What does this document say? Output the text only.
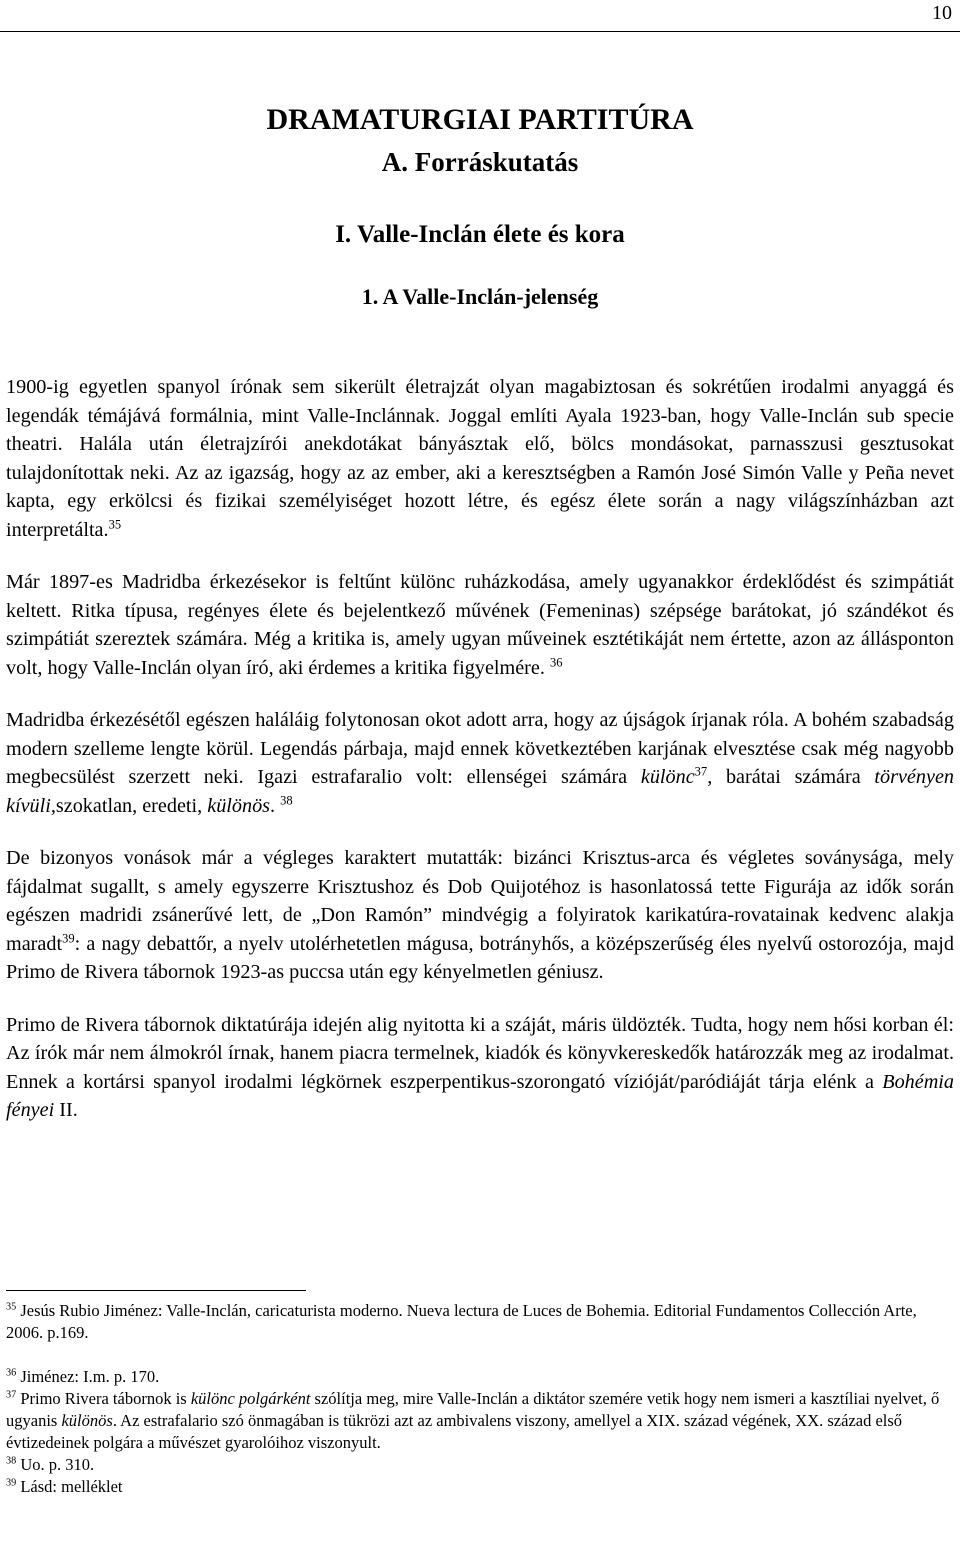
10
DRAMATURGIAI PARTITÚRA
A. Forráskutatás
I. Valle-Inclán élete és kora
1. A Valle-Inclán-jelenség

1900-ig egyetlen spanyol írónak sem sikerült életrajzát olyan magabiztosan és sokrétűen irodalmi anyaggá és legendák témájává formálnia, mint Valle-Inclánnak. Joggal említi Ayala 1923-ban, hogy Valle-Inclán sub specie theatri. Halála után életrajzírói anekdotákat bányásztak elő, bölcs mondásokat, parnasszusi gesztusokat tulajdonítottak neki. Az az igazság, hogy az az ember, aki a keresztségben a Ramón José Simón Valle y Peña nevet kapta, egy erkölcsi és fizikai személyiséget hozott létre, és egész élete során a nagy világszínházban azt interpretálta.$^{35}$

Már 1897-es Madridba érkezésekor is feltűnt különc ruházkodása, amely ugyanakkor érdeklődést és szimpátiát keltett. Ritka típusa, regényes élete és bejelentkező művének (Femeninas) szépsége barátokat, jó szándékot és szimpátiát szereztek számára. Még a kritika is, amely ugyan műveinek esztétikáját nem értette, azon az állásponton volt, hogy Valle-Inclán olyan író, aki érdemes a kritika figyelmére. $^{36}$

Madridba érkezésétől egészen haláláig folytonosan okot adott arra, hogy az újságok írjanak róla. A bohém szabadság modern szelleme lengte körül. Legendás párbaja, majd ennek következtében karjának elvesztése csak még nagyobb megbecsülést szerzett neki. Igazi estrafaralio volt: ellenségei számára különc$^{37}$, barátai számára törvényen kívüli,szokatlan, eredeti, különös. $^{38}$

De bizonyos vonások már a végleges karaktert mutatták: bizánci Krisztus-arca és végletes soványsága, mely fájdalmat sugallt, s amely egyszerre Krisztushoz és Dob Quijotéhoz is hasonlatossá tette Figurája az idők során egészen madridi zsánerűvé lett, de „Don Ramón” mindvégig a folyiratok karikatúra-rovatainak kedvenc alakja maradt$^{39}$: a nagy debattőr, a nyelv utolérhetetlen mágusa, botrányhős, a középszerűség éles nyelvű ostorozója, majd Primo de Rivera tábornok 1923-as puccsa után egy kényelmetlen géniusz.

Primo de Rivera tábornok diktatúrája idején alig nyitotta ki a száját, máris üldözték. Tudta, hogy nem hősi korban él: Az írók már nem álmokról írnak, hanem piacra termelnek, kiadók és könyvkereskedők határozzák meg az irodalmat. Ennek a kortársi spanyol irodalmi légkörnek eszperpentikus-szorongató vízióját/paródiáját tárja elénk a Bohémia fényei II.

$^{35}$ Jesús Rubio Jiménez: Valle-Inclán, caricaturista moderno. Nueva lectura de Luces de Bohemia. Editorial Fundamentos Collección Arte, 2006. p.169.

$^{36}$ Jiménez: I.m. p. 170.

$^{37}$ Primo Rivera tábornok is különc polgárként szólítja meg, mire Valle-Inclán a diktátor szemére vetik hogy nem ismeri a kasztíliai nyelvet, ő ugyanis különös. Az estrafalario szó önmagában is tükrözi azt az ambivalens viszony, amellyel a XIX. század végének, XX. század első évtizedeinek polgára a művészet gyarolóihoz viszonyult.

$^{38}$ Uo. p. 310.

$^{39}$ Lásd: melléklet
